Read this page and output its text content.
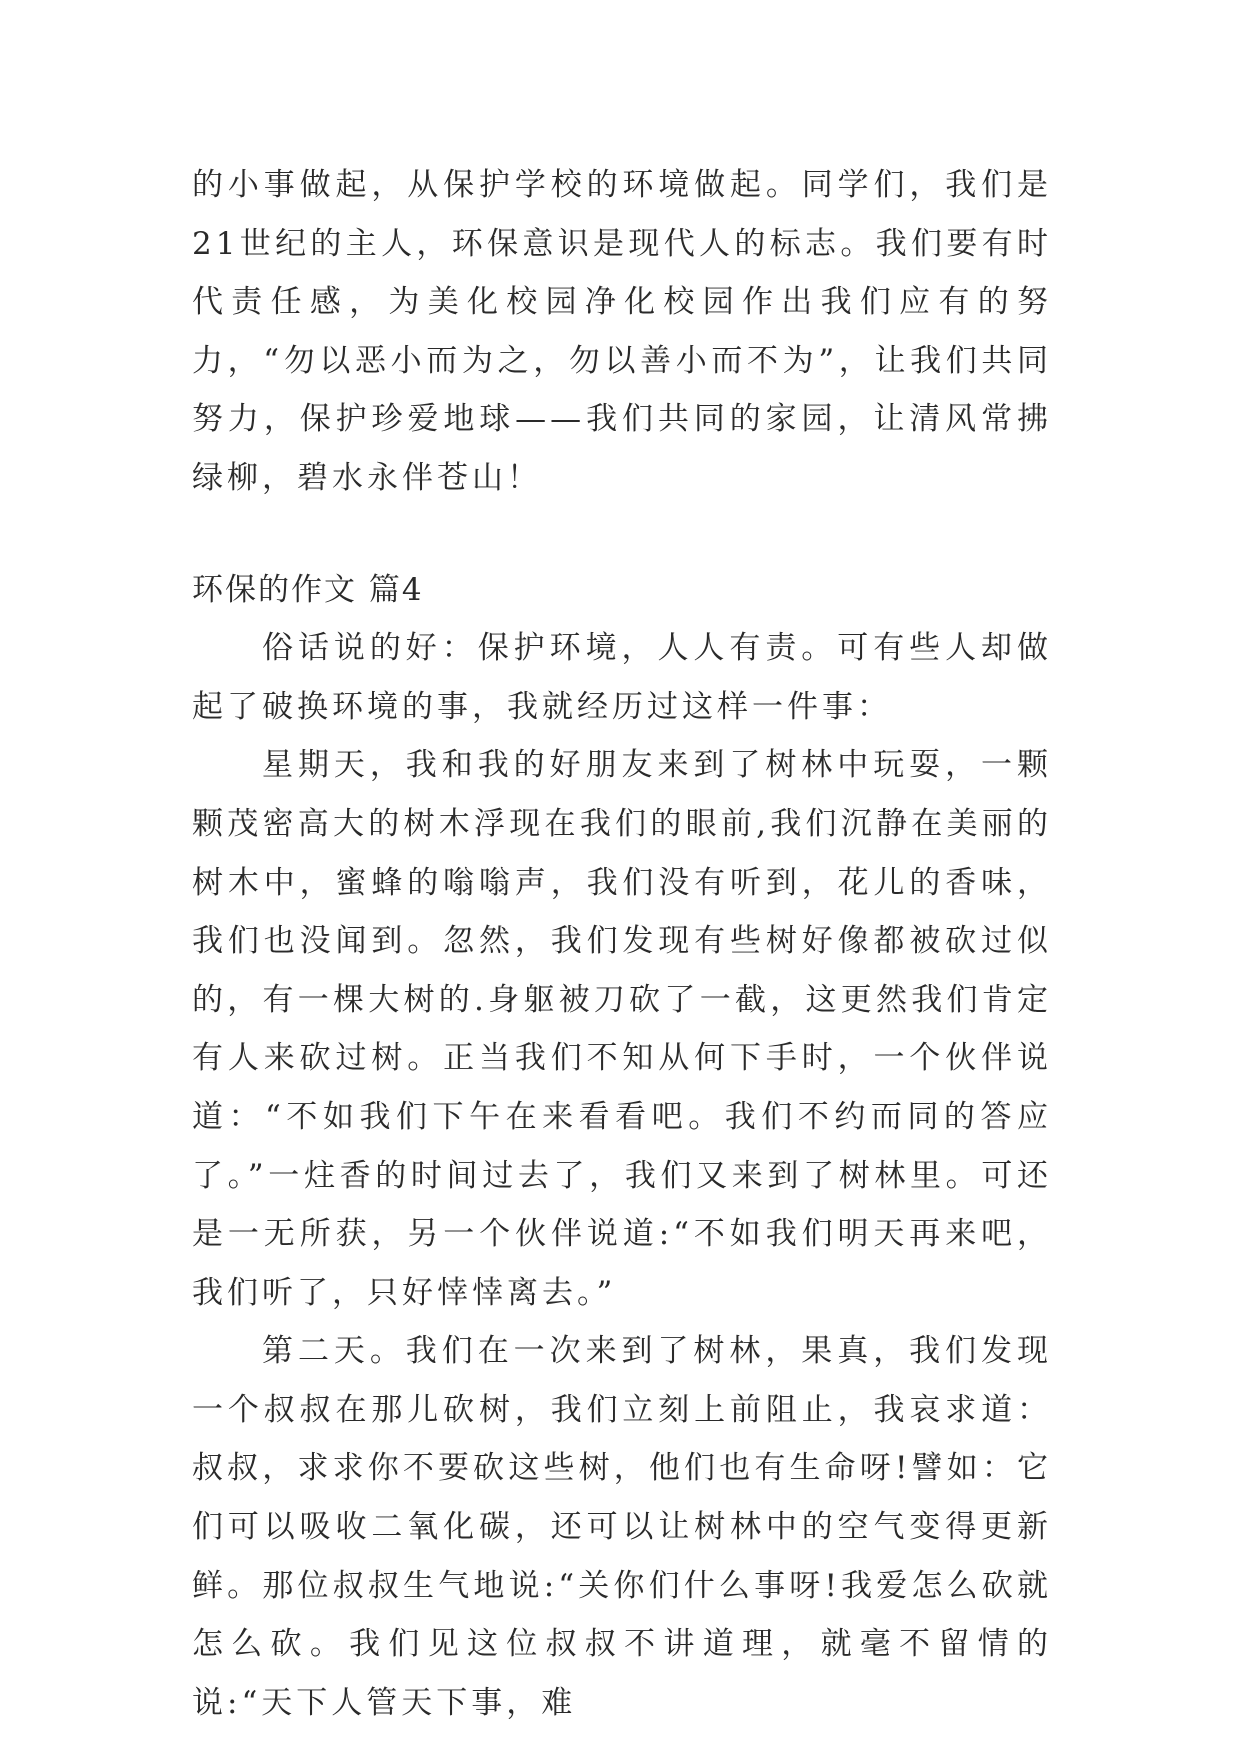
的小事做起，从保护学校的环境做起。同学们，我们是21世纪的主人，环保意识是现代人的标志。我们要有时代责任感，为美化校园净化校园作出我们应有的努力，“勿以恶小而为之，勿以善小而不为”，让我们共同努力，保护珍爱地球——我们共同的家园，让清风常拂绿柳，碧水永伴苍山！

环保的作文 篇4

俗话说的好：保护环境，人人有责。可有些人却做起了破换环境的事，我就经历过这样一件事：

星期天，我和我的好朋友来到了树林中玩耍，一颗颗茂密高大的树木浮现在我们的眼前,我们沉静在美丽的树木中，蜜蜂的嗡嗡声，我们没有听到，花儿的香味，我们也没闻到。忽然，我们发现有些树好像都被砍过似的，有一棵大树的.身躯被刀砍了一截，这更然我们肯定有人来砍过树。正当我们不知从何下手时，一个伙伴说道：“不如我们下午在来看看吧。我们不约而同的答应了。”一炷香的时间过去了，我们又来到了树林里。可还是一无所获，另一个伙伴说道:“不如我们明天再来吧，我们听了，只好悻悻离去。”

第二天。我们在一次来到了树林，果真，我们发现一个叔叔在那儿砍树，我们立刻上前阻止，我哀求道：叔叔，求求你不要砍这些树，他们也有生命呀!譬如：它们可以吸收二氧化碳，还可以让树林中的空气变得更新鲜。那位叔叔生气地说:“关你们什么事呀!我爱怎么砍就怎么砍。我们见这位叔叔不讲道理，就毫不留情的说:“天下人管天下事，难
